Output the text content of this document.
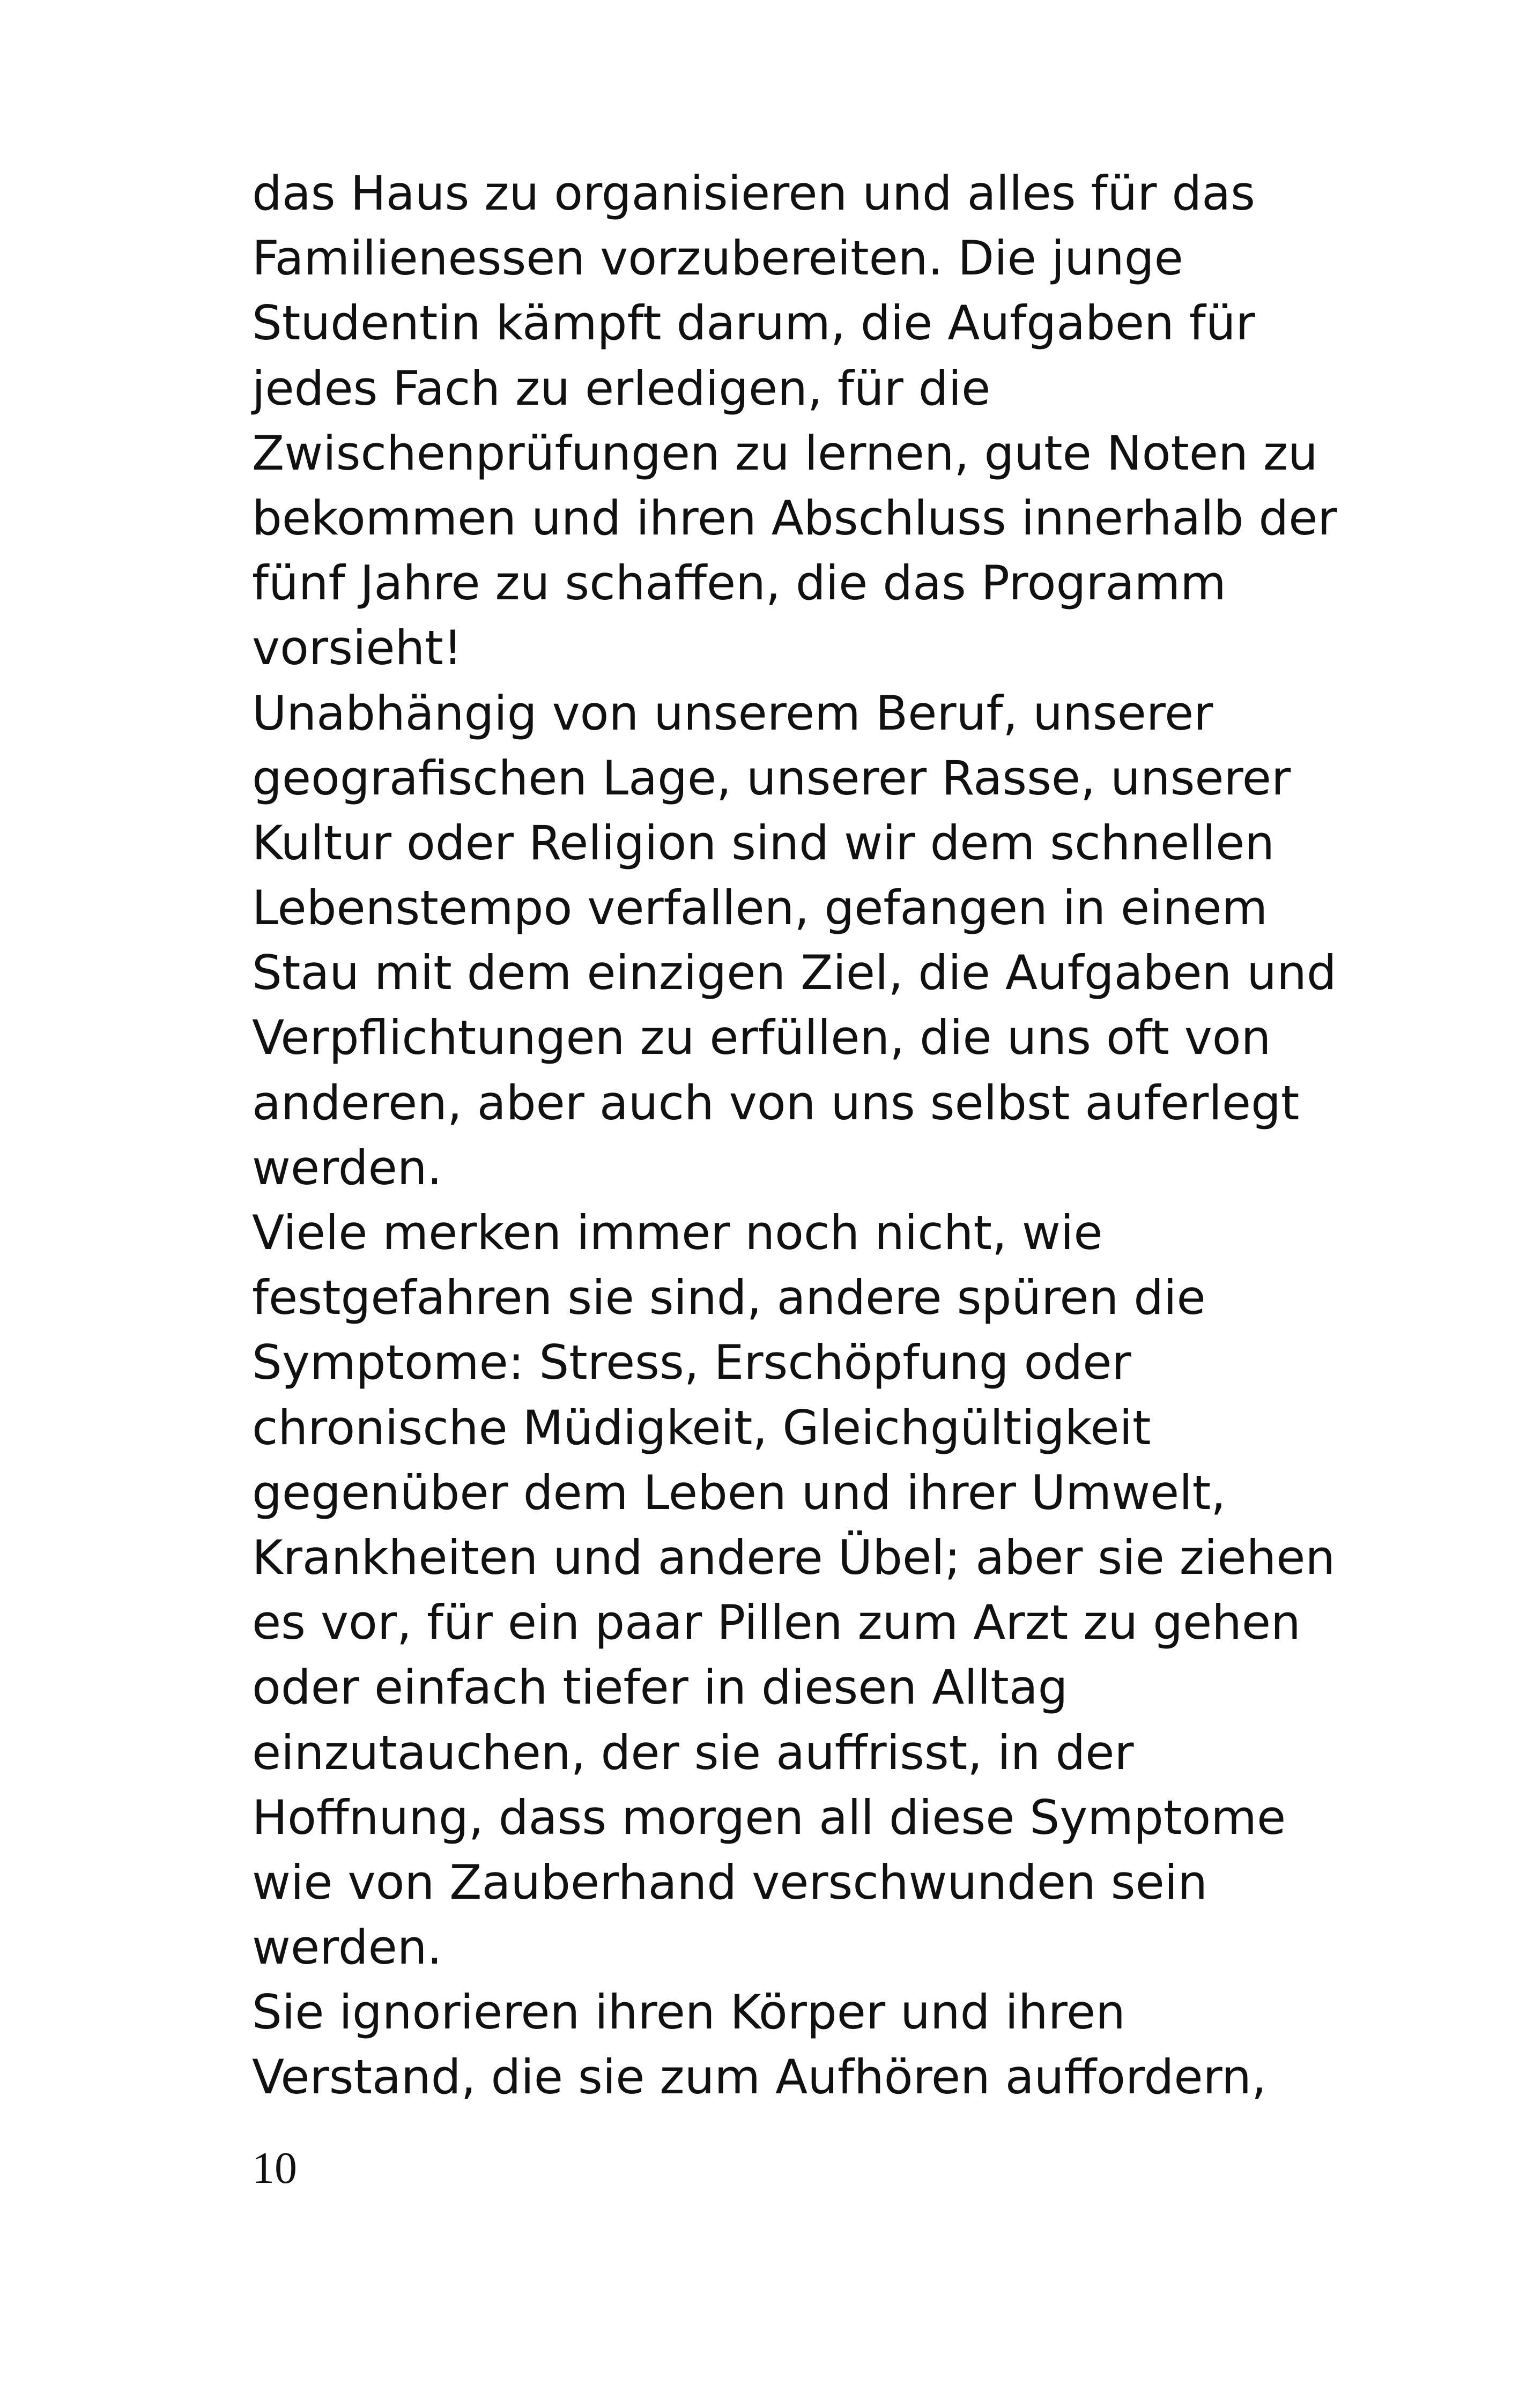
das Haus zu organisieren und alles für das
Familienessen vorzubereiten. Die junge
Studentin kämpft darum, die Aufgaben für
jedes Fach zu erledigen, für die
Zwischenprüfungen zu lernen, gute Noten zu
bekommen und ihren Abschluss innerhalb der
fünf Jahre zu schaffen, die das Programm
vorsieht!
Unabhängig von unserem Beruf, unserer
geografischen Lage, unserer Rasse, unserer
Kultur oder Religion sind wir dem schnellen
Lebenstempo verfallen, gefangen in einem
Stau mit dem einzigen Ziel, die Aufgaben und
Verpflichtungen zu erfüllen, die uns oft von
anderen, aber auch von uns selbst auferlegt
werden.
Viele merken immer noch nicht, wie
festgefahren sie sind, andere spüren die
Symptome: Stress, Erschöpfung oder
chronische Müdigkeit, Gleichgültigkeit
gegenüber dem Leben und ihrer Umwelt,
Krankheiten und andere Übel; aber sie ziehen
es vor, für ein paar Pillen zum Arzt zu gehen
oder einfach tiefer in diesen Alltag
einzutauchen, der sie auffrisst, in der
Hoffnung, dass morgen all diese Symptome
wie von Zauberhand verschwunden sein
werden.
Sie ignorieren ihren Körper und ihren
Verstand, die sie zum Aufhören auffordern,
10
